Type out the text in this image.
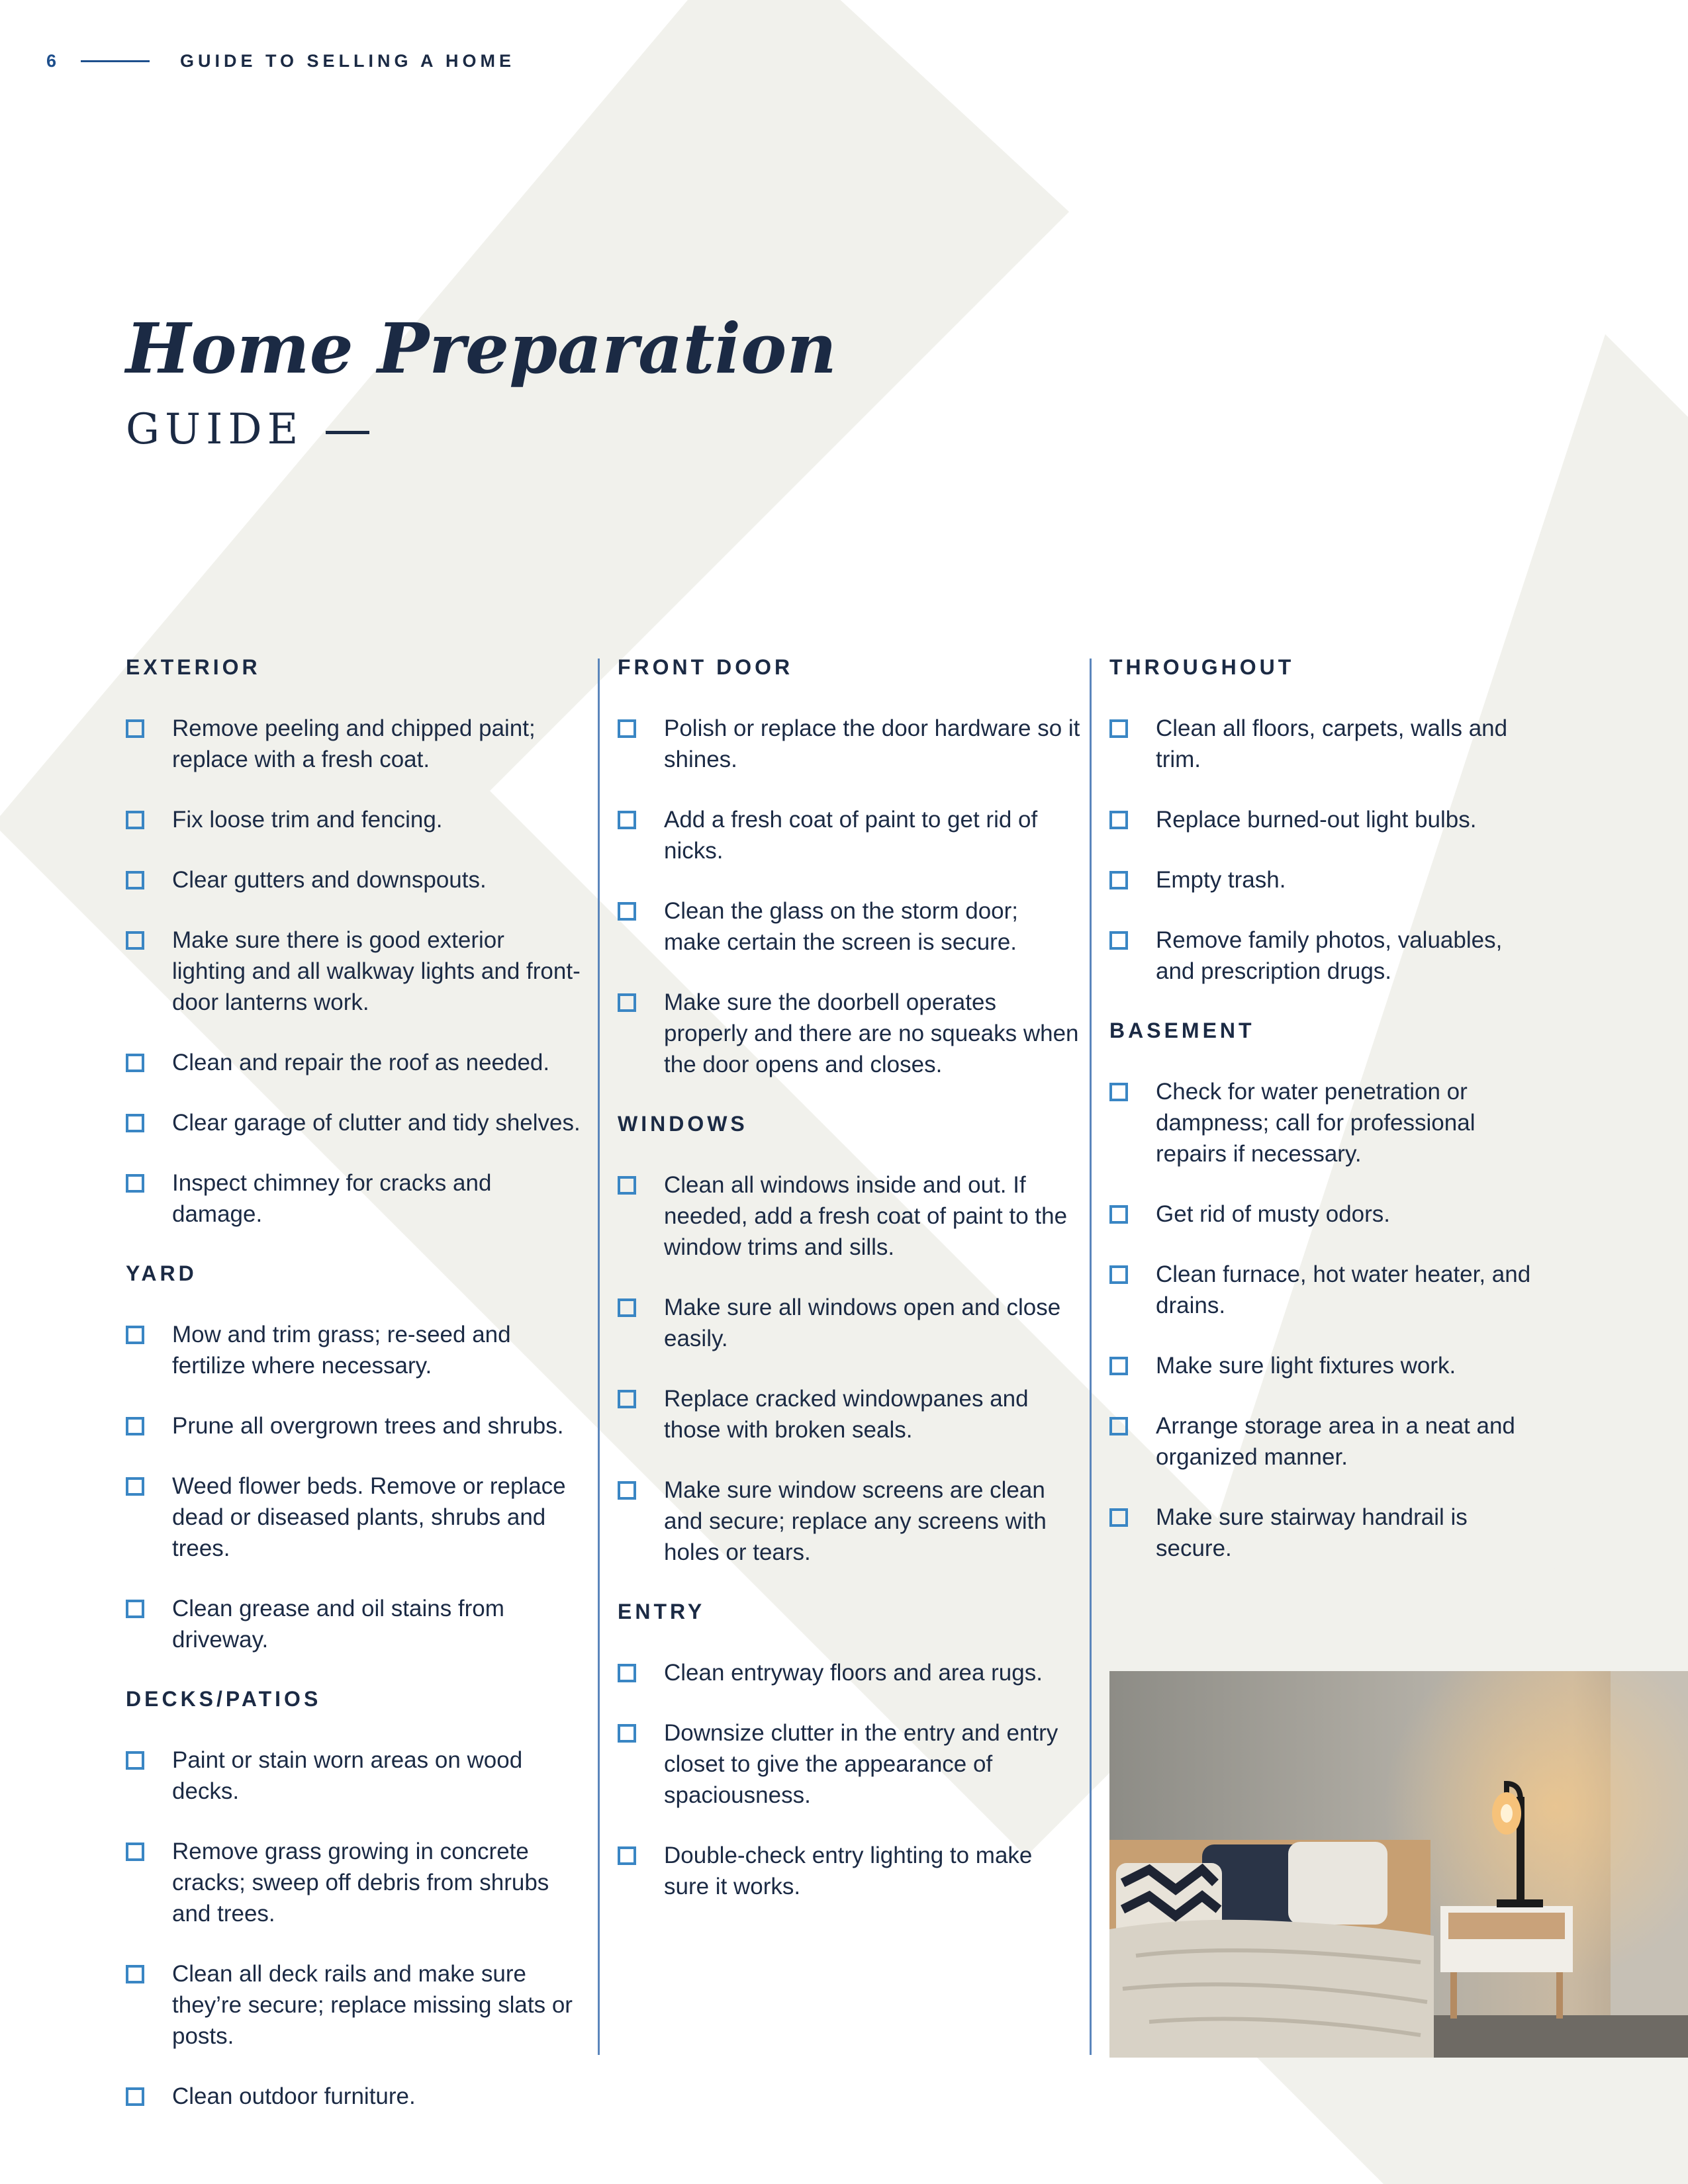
6	GUIDE TO SELLING A HOME
Home Preparation
GUIDE
EXTERIOR
Remove peeling and chipped paint; replace with a fresh coat.
Fix loose trim and fencing.
Clear gutters and downspouts.
Make sure there is good exterior lighting and all walkway lights and front-door lanterns work.
Clean and repair the roof as needed.
Clear garage of clutter and tidy shelves.
Inspect chimney for cracks and damage.
YARD
Mow and trim grass; re-seed and fertilize where necessary.
Prune all overgrown trees and shrubs.
Weed flower beds. Remove or replace dead or diseased plants, shrubs and trees.
Clean grease and oil stains from driveway.
DECKS/PATIOS
Paint or stain worn areas on wood decks.
Remove grass growing in concrete cracks; sweep off debris from shrubs and trees.
Clean all deck rails and make sure they’re secure; replace missing slats or posts.
Clean outdoor furniture.
FRONT DOOR
Polish or replace the door hardware so it shines.
Add a fresh coat of paint to get rid of nicks.
Clean the glass on the storm door; make certain the screen is secure.
Make sure the doorbell operates properly and there are no squeaks when the door opens and closes.
WINDOWS
Clean all windows inside and out. If needed, add a fresh coat of paint to the window trims and sills.
Make sure all windows open and close easily.
Replace cracked windowpanes and those with broken seals.
Make sure window screens are clean and secure; replace any screens with holes or tears.
ENTRY
Clean entryway floors and area rugs.
Downsize clutter in the entry and entry closet to give the appearance of spaciousness.
Double-check entry lighting to make sure it works.
THROUGHOUT
Clean all floors, carpets, walls and trim.
Replace burned-out light bulbs.
Empty trash.
Remove family photos, valuables, and prescription drugs.
BASEMENT
Check for water penetration or dampness; call for professional repairs if necessary.
Get rid of musty odors.
Clean furnace, hot water heater, and drains.
Make sure light fixtures work.
Arrange storage area in a neat and organized manner.
Make sure stairway handrail is secure.
